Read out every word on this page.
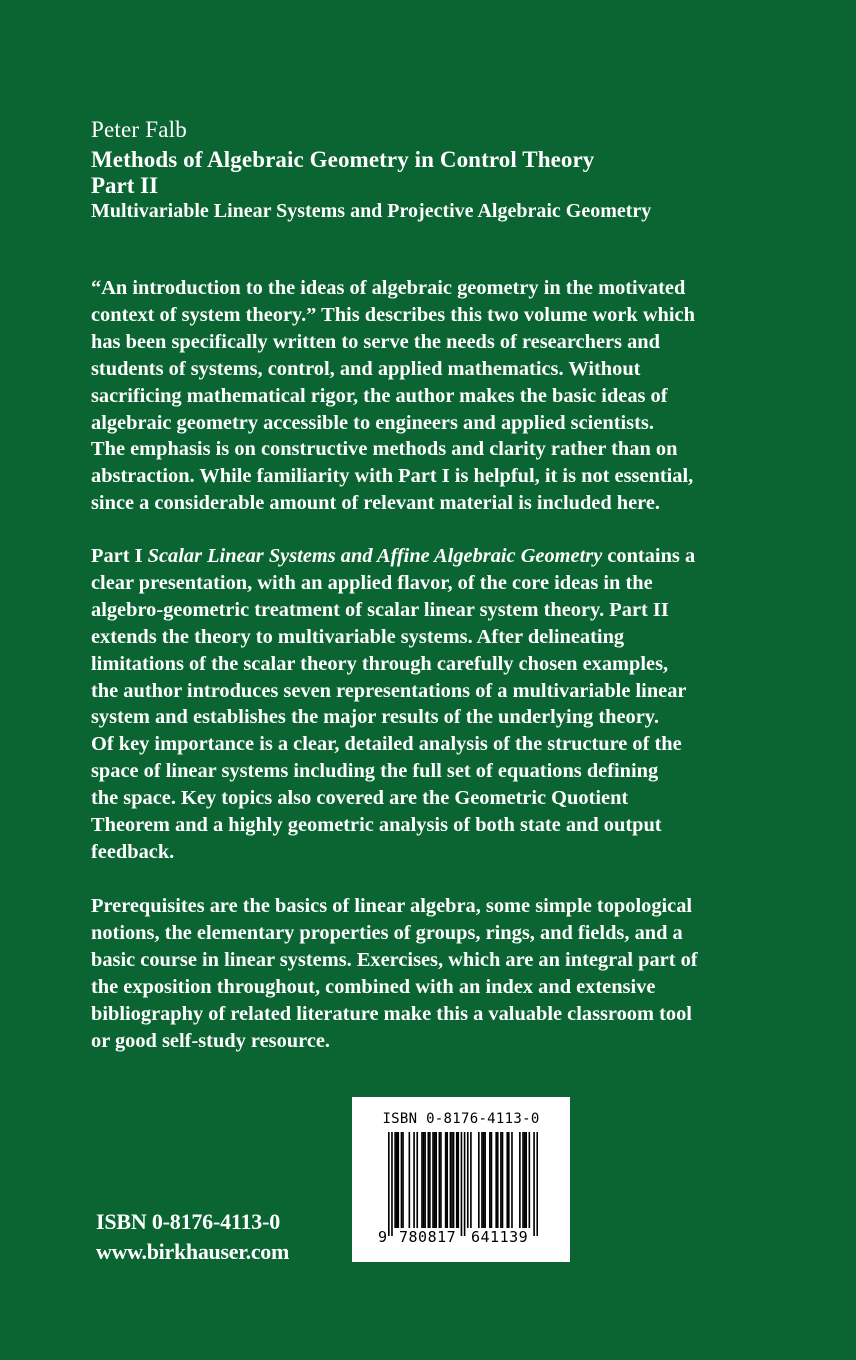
Peter Falb
Methods of Algebraic Geometry in Control Theory
Part II
Multivariable Linear Systems and Projective Algebraic Geometry
“An introduction to the ideas of algebraic geometry in the motivated
context of system theory.” This describes this two volume work which
has been specifically written to serve the needs of researchers and
students of systems, control, and applied mathematics. Without
sacrificing mathematical rigor, the author makes the basic ideas of
algebraic geometry accessible to engineers and applied scientists.
The emphasis is on constructive methods and clarity rather than on
abstraction. While familiarity with Part I is helpful, it is not essential,
since a considerable amount of relevant material is included here.
Part I Scalar Linear Systems and Affine Algebraic Geometry contains a
clear presentation, with an applied flavor, of the core ideas in the
algebro-geometric treatment of scalar linear system theory. Part II
extends the theory to multivariable systems. After delineating
limitations of the scalar theory through carefully chosen examples,
the author introduces seven representations of a multivariable linear
system and establishes the major results of the underlying theory.
Of key importance is a clear, detailed analysis of the structure of the
space of linear systems including the full set of equations defining
the space. Key topics also covered are the Geometric Quotient
Theorem and a highly geometric analysis of both state and output
feedback.
Prerequisites are the basics of linear algebra, some simple topological
notions, the elementary properties of groups, rings, and fields, and a
basic course in linear systems. Exercises, which are an integral part of
the exposition throughout, combined with an index and extensive
bibliography of related literature make this a valuable classroom tool
or good self-study resource.
ISBN 0-8176-4113-0
9 780817 641139
ISBN 0-8176-4113-0
www.birkhauser.com
